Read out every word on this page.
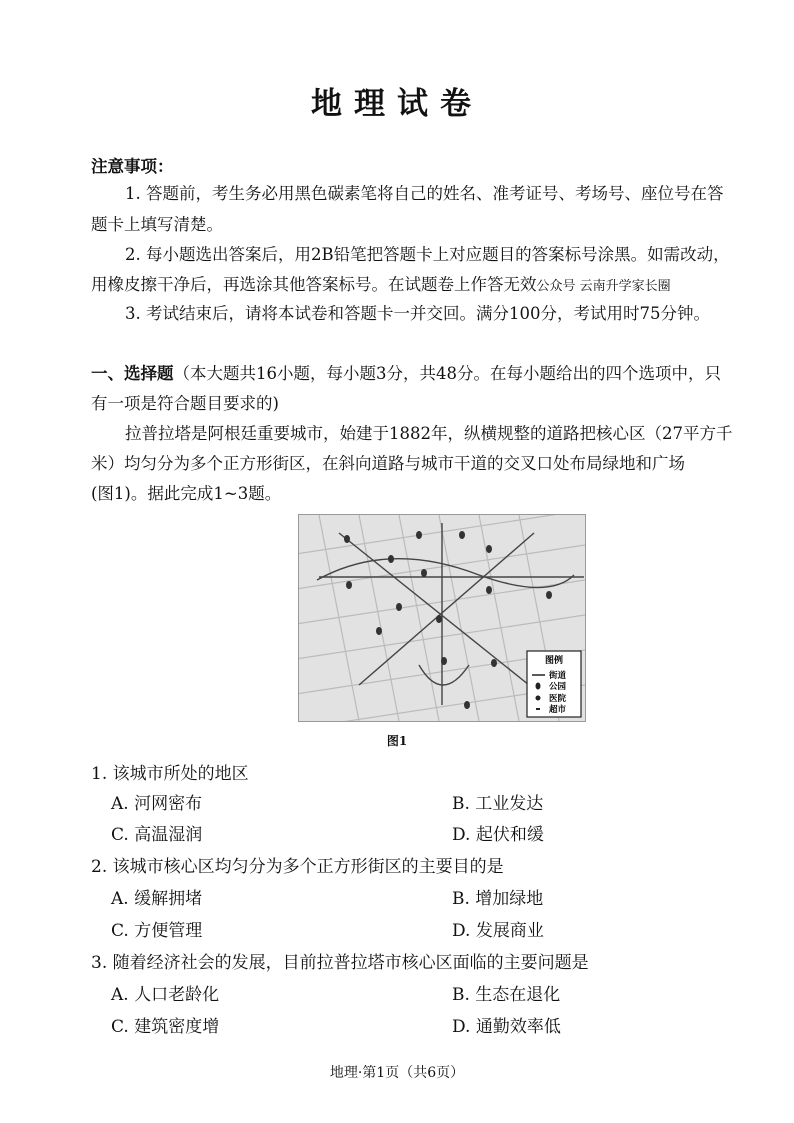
地理试卷
注意事项：
1. 答题前，考生务必用黑色碳素笔将自己的姓名、准考证号、考场号、座位号在答
题卡上填写清楚。
2. 每小题选出答案后，用2B铅笔把答题卡上对应题目的答案标号涂黑。如需改动，
用橡皮擦干净后，再选涂其他答案标号。在试题卷上作答无效公众号 云南升学家长圈
3. 考试结束后，请将本试卷和答题卡一并交回。满分100分，考试用时75分钟。
一、选择题（本大题共16小题，每小题3分，共48分。在每小题给出的四个选项中，只
有一项是符合题目要求的)
拉普拉塔是阿根廷重要城市，始建于1882年，纵横规整的道路把核心区（27平方千
米）均匀分为多个正方形街区，在斜向道路与城市干道的交叉口处布局绿地和广场
(图1)。据此完成1~3题。
图例
街道
公园
医院
超市
图1
1. 该城市所处的地区
A. 河网密布	B. 工业发达
C. 高温湿润	D. 起伏和缓
2. 该城市核心区均匀分为多个正方形街区的主要目的是
A. 缓解拥堵	B. 增加绿地
C. 方便管理	D. 发展商业
3. 随着经济社会的发展，目前拉普拉塔市核心区面临的主要问题是
A. 人口老龄化	B. 生态在退化
C. 建筑密度增	D. 通勤效率低
地理·第1页（共6页）
